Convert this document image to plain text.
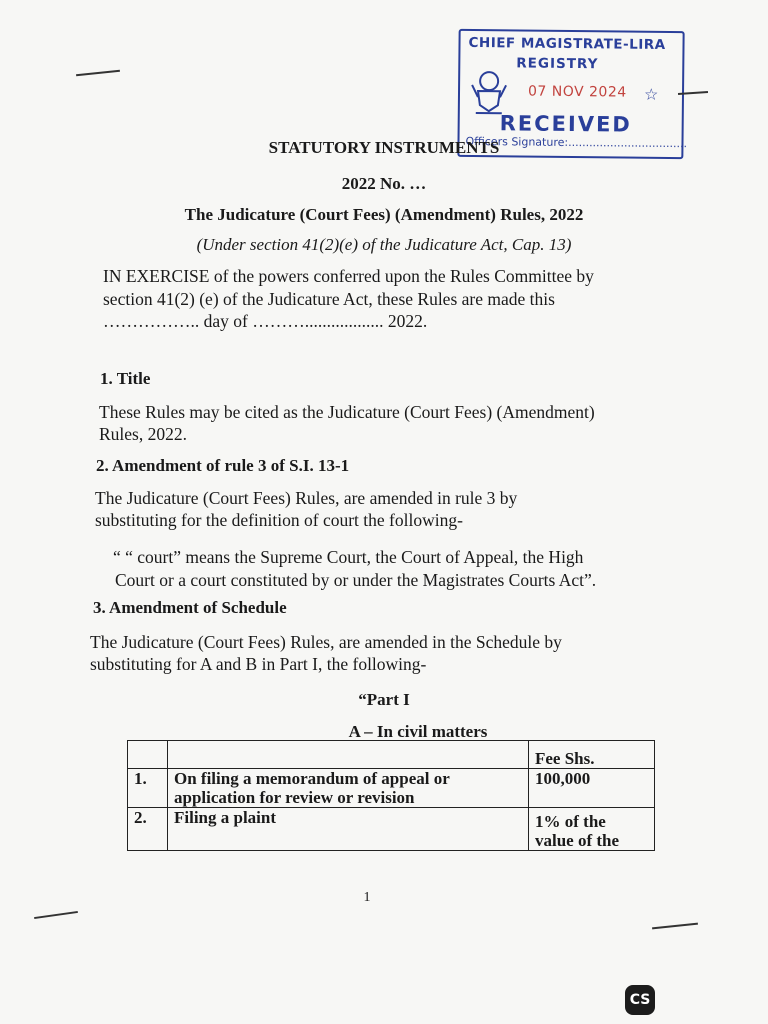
CHIEF MAGISTRATE-LIRA
REGISTRY
07 NOV 2024 ☆
RECEIVED
Officers Signature:..................................
STATUTORY INSTRUMENTS
2022 No. …
The Judicature (Court Fees) (Amendment) Rules, 2022
(Under section 41(2)(e) of the Judicature Act, Cap. 13)
IN EXERCISE of the powers conferred upon the Rules Committee by
section 41(2) (e) of the Judicature Act, these Rules are made this
…………….. day of ……….................. 2022.
1. Title
These Rules may be cited as the Judicature (Court Fees) (Amendment)
Rules, 2022.
2. Amendment of rule 3 of S.I. 13-1
The Judicature (Court Fees) Rules, are amended in rule 3 by
substituting for the definition of court the following-
“ “ court” means the Supreme Court, the Court of Appeal, the High
Court or a court constituted by or under the Magistrates Courts Act”.
3. Amendment of Schedule
The Judicature (Court Fees) Rules, are amended in the Schedule by
substituting for A and B in Part I, the following-
“Part I
A – In civil matters
		Fee Shs.
1.	On filing a memorandum of appeal or
application for review or revision	100,000

2.	Filing a plaint	1% of the
value of the
1
CS
